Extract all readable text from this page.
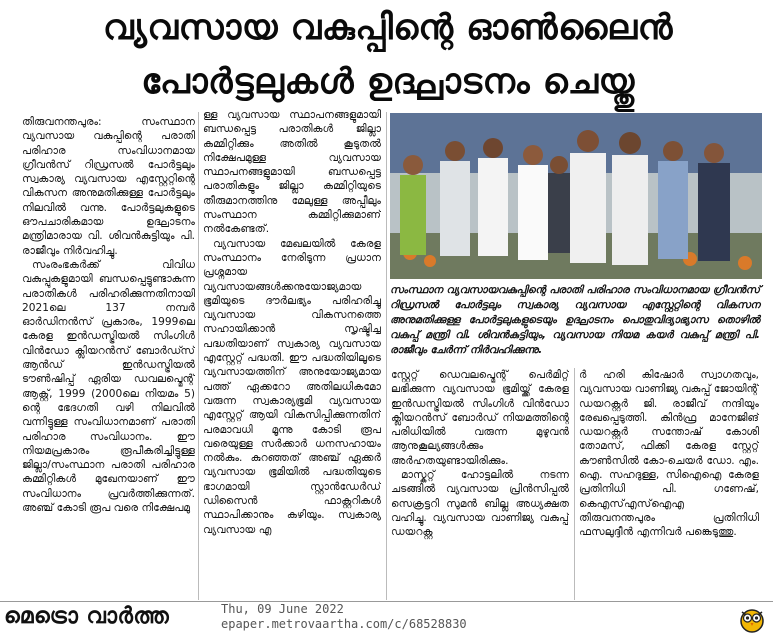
വ്യവസായ വകുപ്പിന്റെ ഓൺലൈൻ
പോർട്ടലുകൾ ഉദ്ഘാടനം ചെയ്തു

തിരുവനന്തപുരം: സംസ്ഥാന വ്യവസായ വകുപ്പിന്റെ പരാതി പരിഹാര സംവിധാനമായ ഗ്രീവൻസ് റിഡ്രസൽ പോർട്ടലും സ്വകാര്യ വ്യവസായ എസ്റ്റേറ്റിന്റെ വികസന അനുമതിക്കുള്ള പോർട്ടലും നിലവിൽ വന്നു. പോർട്ടലുകളുടെ ഔപചാരികമായ ഉദ്ഘാടനം മന്ത്രിമാരായ വി. ശിവൻകുട്ടിയും പി. രാജീവും നിർവഹിച്ചു.

സംരംഭകർക്ക് വിവിധ വകുപ്പുകളുമായി ബന്ധപ്പെട്ടുണ്ടാകുന്ന പരാതികൾ പരിഹരിക്കുന്നതിനായി 2021ലെ 137 നമ്പർ ഓർഡിനൻസ് പ്രകാരം, 1999ലെ കേരള ഇൻഡസ്ട്രിയൽ സിംഗിൾ വിൻഡോ ക്ലിയറൻസ് ബോർഡ്സ് ആൻഡ് ഇൻഡസ്ട്രിയൽ ടൗൺഷിപ്പ് ഏരിയ ഡവലപ്മെന്റ് ആക്റ്റ്, 1999 (2000ലെ നിയമം 5) ന്റെ ഭേദഗതി വഴി നിലവിൽ വന്നിട്ടുള്ള സംവിധാനമാണ് പരാതി പരിഹാര സംവിധാനം. ഈ നിയമപ്രകാരം രൂപീകരിച്ചിട്ടുള്ള ജില്ലാ/സംസ്ഥാന പരാതി പരിഹാര കമ്മിറ്റികൾ മുഖേനയാണ് ഈ സംവിധാനം പ്രവർത്തിക്കുന്നത്. അഞ്ച് കോടി രൂപ വരെ നിക്ഷേപമു

ള്ള വ്യവസായ സ്ഥാപനങ്ങളുമായി ബന്ധപ്പെട്ട പരാതികൾ ജില്ലാ കമ്മിറ്റിക്കും അതിൽ കൂടുതൽ നിക്ഷേപമുള്ള വ്യവസായ സ്ഥാപനങ്ങളുമായി ബന്ധപ്പെട്ട പരാതികളും ജില്ലാ കമ്മിറ്റിയുടെ തീരുമാനത്തിനു മേലുള്ള അപ്പീലും സംസ്ഥാന കമ്മിറ്റിക്കുമാണ് നൽകേണ്ടത്.

വ്യവസായ മേഖലയിൽ കേരള സംസ്ഥാനം നേരിടുന്ന പ്രധാന പ്രശ്നമായ വ്യവസായങ്ങൾക്കനുയോജ്യമായ ഭൂമിയുടെ ദൗർലഭ്യം പരിഹരിച്ചു വ്യവസായ വികസനത്തെ സഹായിക്കാൻ സൃഷ്ടിച്ച പദ്ധതിയാണ് സ്വകാര്യ വ്യവസായ എസ്റ്റേറ്റ് പദ്ധതി. ഈ പദ്ധതിയിലൂടെ വ്യവസായത്തിന് അനുയോജ്യമായ പത്ത് ഏക്കറോ അതിലധികമോ വരുന്ന സ്വകാര്യഭൂമി വ്യവസായ എസ്റ്റേറ്റ് ആയി വികസിപ്പിക്കുന്നതിന് പരമാവധി മൂന്നു കോടി രൂപ വരെയുള്ള സർക്കാർ ധനസഹായം നൽകും. കുറഞ്ഞത് അഞ്ച് ഏക്കർ വ്യവസായ ഭൂമിയിൽ പദ്ധതിയുടെ ഭാഗമായി സ്റ്റാൻഡേർഡ് ഡിസൈൻ ഫാക്റ്ററികൾ സ്ഥാപിക്കാനും കഴിയും. സ്വകാര്യ വ്യവസായ എ

സംസ്ഥാന വ്യവസായവകുപ്പിന്റെ പരാതി പരിഹാര സംവിധാനമായ ഗ്രീവൻസ് റിഡ്രസൽ പോർട്ടലും സ്വകാര്യ വ്യവസായ എസ്റ്റേറ്റിന്റെ വികസന അനുമതിക്കുള്ള പോർട്ടലുകളുടെയും ഉദ്ഘാടനം പൊതുവിദ്യാഭ്യാസ തൊഴിൽ വകുപ്പ് മന്ത്രി വി. ശിവൻകുട്ടിയും, വ്യവസായ നിയമ കയർ വകുപ്പ് മന്ത്രി പി. രാജീവും ചേർന്ന് നിർവഹിക്കുന്നു.

സ്റ്റേറ്റ് ഡെവലപ്മെന്റ് പെർമിറ്റ് ലഭിക്കുന്ന വ്യവസായ ഭൂമിയ്ക്ക് കേരള ഇൻഡസ്ട്രിയൽ സിംഗിൾ വിൻഡോ ക്ലിയറൻസ് ബോർഡ് നിയമത്തിന്റെ പരിധിയിൽ വരുന്ന മുഴുവൻ ആനുകൂല്യങ്ങൾക്കും അർഹതയുണ്ടായിരിക്കും.

മാസ്കറ്റ് ഹോട്ടലിൽ നടന്ന ചടങ്ങിൽ വ്യവസായ പ്രിൻസിപ്പൽ സെക്രട്ടറി സുമൻ ബില്ല അധ്യക്ഷത വഹിച്ചു. വ്യവസായ വാണിജ്യ വകുപ്പ് ഡയറക്റ്റ

ർ ഹരി കിഷോർ സ്വാഗതവും, വ്യവസായ വാണിജ്യ വകുപ്പ് ജോയിന്റ് ഡയറക്റ്റർ ജി. രാജീവ് നന്ദിയും രേഖപ്പെടുത്തി. കിൻഫ്ര മാനേജിങ് ഡയറക്റ്റർ സന്തോഷ് കോശി തോമസ്, ഫിക്കി കേരള സ്റ്റേറ്റ് കൗൺസിൽ കോ-ചെയർ ഡോ. എം. ഐ. സഹദുള്ള, സിഐഐ കേരള പ്രതിനിധി പി. ഗണേഷ്, കെഎസ്എസ്ഐഎ തിരുവനന്തപുരം പ്രതിനിധി ഫസലുദ്ദീൻ എന്നിവർ പങ്കെടുത്തു.

മെട്രൊ വാർത്ത	Thu, 09 June 2022
epaper.metrovaartha.com/c/68528830
